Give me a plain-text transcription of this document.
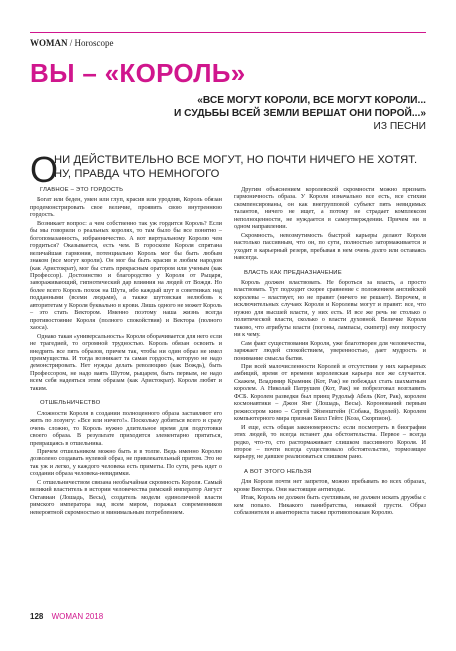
WOMAN / Horoscope
ВЫ – «КОРОЛЬ»
«ВСЕ МОГУТ КОРОЛИ, ВСЕ МОГУТ КОРОЛИ...
И СУДЬБЫ ВСЕЙ ЗЕМЛИ ВЕРШАТ ОНИ ПОРОЙ...»
ИЗ ПЕСНИ
О
НИ ДЕЙСТВИТЕЛЬНО ВСЕ МОГУТ, НО ПОЧТИ НИЧЕГО НЕ ХОТЯТ. НУ, ПРАВДА ЧТО НЕМНОГОГО
ГЛАВНОЕ – ЭТО ГОРДОСТЬ

Богат или беден, умен или глуп, красив или уродлив, Король обязан продемонстрировать свое величие, проявить свою внутреннюю гордость.

Возникает вопрос: а чем собственно так уж гордится Король? Если бы мы говорили о реальных королях, то там было бы все понятно – богопомазанность, избранничество. А вот виртуальному Королю чем гордиться? Оказывается, есть чем. В гороскопе Короля спрятана величайшая гармония, потенциально Король мог бы быть любым знаком (все могут короли). Он мог бы быть красив и любим народом (как Аристократ), мог бы стать прекрасным оратором или ученым (как Профессор). Достоинство и благородство у Короля от Рыцаря, завораживающий, гипнотический дар влияния на людей от Вождя. Но более всего Король похож на Шута, ибо каждый шут в советниках над подданными (всеми людьми), а также шутовская нелюбовь к авторитетам у Короля буквально в крови. Лишь одного не может Король – это стать Вектором. Именно поэтому наша жизнь всегда противостояние Короля (полного спокойствия) и Вектора (полного хаоса).

Однако такая «универсальность» Короля оборачивается для него если не трагедией, то огромной трудностью. Король обязан освоить и внедрить все пять образов, причем так, чтобы ни один образ не имел преимущества. И тогда возникает та самая гордость, которую не надо демонстрировать. Нет нужды делать революцию (как Вождь), быть Профессором, не надо ваять Шутом, рыцарем, быть первым, не надо всем себя надеяться этим образам (как Аристократ). Короля любят и таким.

ОТШЕЛЬНИЧЕСТВО

Сложности Короля в создании полноценного образа заставляют его жить по лозунгу: «Все или ничего!». Поскольку добиться всего и сразу очень сложно, то Король нужно длительное время для подготовки своего образа. В результате приходится элементарно прятаться, превращаясь в отшельника.

Причем отшельником можно быть и в толпе. Ведь именно Королю дозволено создавать нулевой образ, не привлекательный притом. Это не так уж и легко, у каждого человека есть приметы. По сути, речь идет о создании образа человека-невидимки.

С отшельничеством связана необычайная скромность Короля. Самый великий властитель в истории человечества римский император Август Октавиан (Лошадь, Весы), создатель модели единоличной власти римского императора над всем миром, поражал современников невероятной скромностью и минимальным потреблением.

Другим объяснением королевской скромности можно признать гармоничность образа. У Короля изначально все есть, все стихии скомпенсированы, он как внегрупповой субъект пять невидимых талантов, ничего не ищет, а потому не страдает комплексом неполноценности, не нуждается в самоутверждении. Причем ни в одном направлении.

Скромность, невозмутимость быстрой карьеры делают Короля настолько пассивным, что он, по сути, полностью затормаживается и уходит в карьерный резерв, пребывая в нем очень долго или оставаясь навсегда.

ВЛАСТЬ КАК ПРЕДНАЗНАЧЕНИЕ

Король должен властвовать. Не бороться за власть, а просто властвовать. Тут подходит скорее сравнение с положением английской королевы – властвует, но не правит (ничего не решает). Впрочем, в исключительных случаях Короли и Королевы могут и правят: все, что нужно для высшей власти, у них есть. И все же речь не столько о политической власти, сколько о власти духовной. Величие Короля таково, что атрибуты власти (погоны, лампасы, скипетр) ему попросту ни к чему.

Сам факт существования Короля, уже благотворен для человечества, заряжает людей спокойствием, уверенностью, дает мудрость и понимание смысла бытия.

При всей малочисленности Королей и отсутствии у них карьерных амбиций, время от времени королевская карьера все же случается. Скажем, Владимир Крамник (Кот, Рак) не побеждал стать шахматным королем. А Николай Патрушев (Кот, Рак) не побрезговал возглавить ФСБ. Королем разведки был принц Рудольф Абель (Кот, Рак), королем космонавтики – Джон Янг (Лошадь, Весы). Коронований первым режиссером кино – Сергей Эйзенштейн (Собака, Водолей). Королем компьютерного мира признан Билл Гейтс (Коза, Скорпион).

И еще, есть общая закономерность: если посмотреть в биографии этих людей, то всегда встанет два обстоятельства. Первое – всегда редко, что-то, сто растормаживает слишком пассивного Короля. И второе – почти всегда существовало обстоятельство, тормозящее карьеру, не давшее реализоваться слишком рано.

А ВОТ ЭТОГО НЕЛЬЗЯ

Для Короля почти нет запретов, можно пребывать во всех образах, кроме Вектора. Они настоящие антиподы.

Итак, Король не должен быть суетливым, не должен искать дружбы с кем попало. Никакого панибратства, никакой грусти. Образ соблазнителя и авантюриста также противопоказан Королю.

128 WOMAN 2018
